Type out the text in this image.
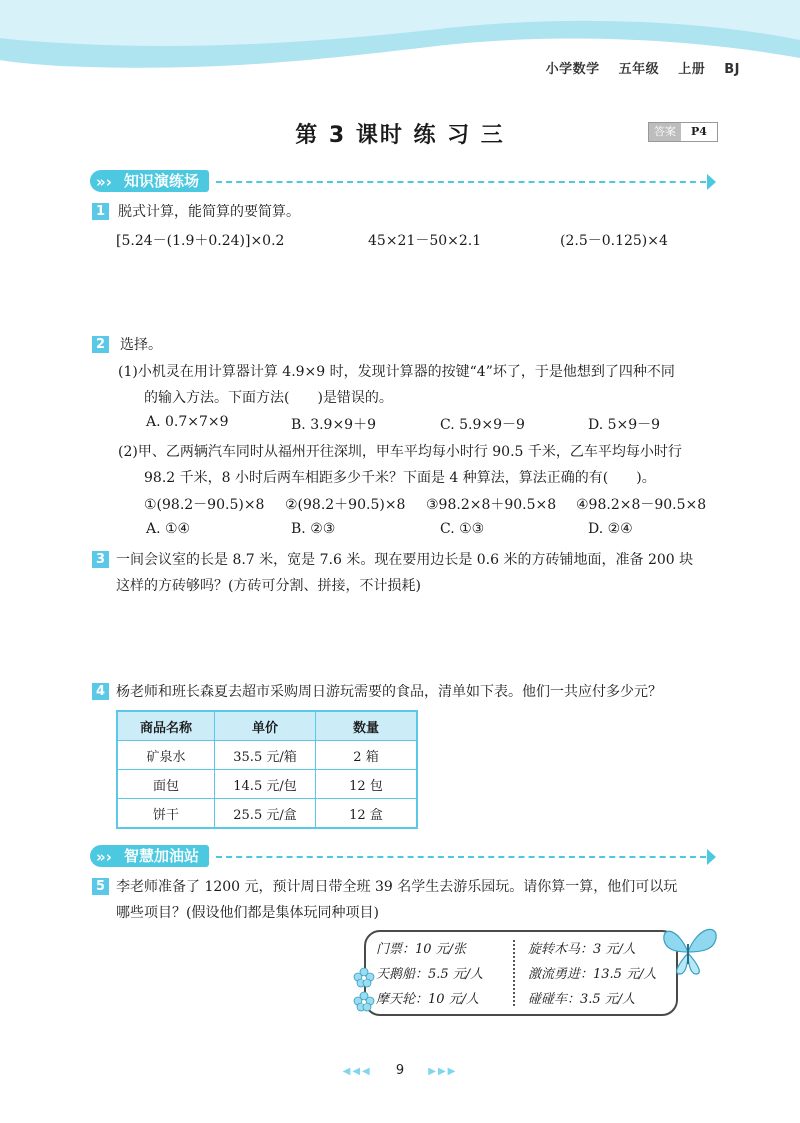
小学数学 五年级 上册 BJ
第 3 课时 练 习 三	答案	P4
知识演练场
»›
1 脱式计算，能简算的要简算。
[5.24－(1.9＋0.24)]×0.2	45×21－50×2.1	(2.5－0.125)×4
2 选择。
(1)小机灵在用计算器计算 4.9×9 时，发现计算器的按键“4”坏了，于是他想到了四种不同
的输入方法。下面方法(　　)是错误的。
A. 0.7×7×9	B. 3.9×9＋9	C. 5.9×9－9	D. 5×9－9
(2)甲、乙两辆汽车同时从福州开往深圳，甲车平均每小时行 90.5 千米，乙车平均每小时行
98.2 千米，8 小时后两车相距多少千米？下面是 4 种算法，算法正确的有(　　)。
①(98.2－90.5)×8 ②(98.2＋90.5)×8 ③98.2×8＋90.5×8 ④98.2×8－90.5×8
A. ①④	B. ②③	C. ①③	D. ②④
3 一间会议室的长是 8.7 米，宽是 7.6 米。现在要用边长是 0.6 米的方砖铺地面，准备 200 块
这样的方砖够吗？(方砖可分割、拼接，不计损耗)
4 杨老师和班长森夏去超市采购周日游玩需要的食品，清单如下表。他们一共应付多少元？
商品名称	单价	数量
矿泉水	35.5 元/箱	2 箱
面包	14.5 元/包	12 包
饼干	25.5 元/盒	12 盒
智慧加油站
»›
5 李老师准备了 1200 元，预计周日带全班 39 名学生去游乐园玩。请你算一算，他们可以玩
哪些项目？(假设他们都是集体玩同种项目)
门票：10 元/张
天鹅船：5.5 元/人
摩天轮：10 元/人
旋转木马：3 元/人
激流勇进：13.5 元/人
碰碰车：3.5 元/人
◀◀◀ 9 ▶▶▶
